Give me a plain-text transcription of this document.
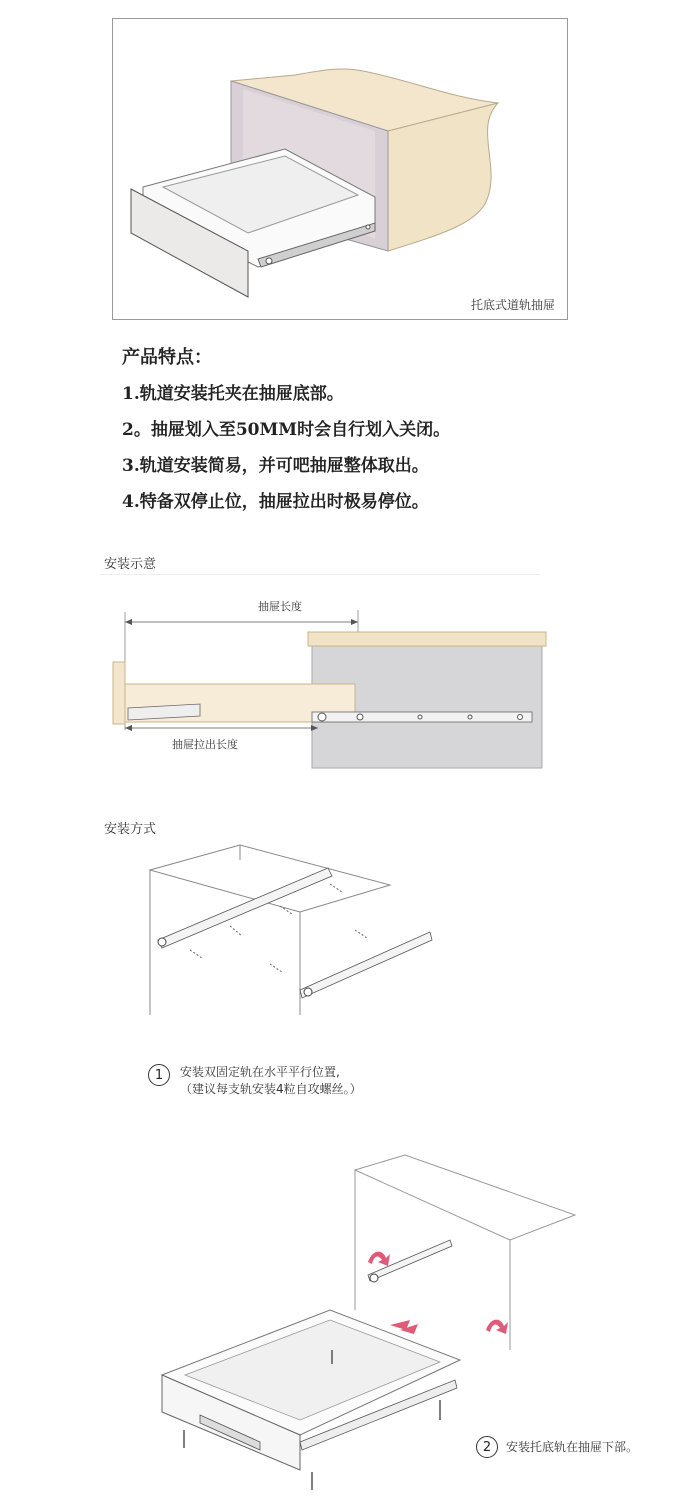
托底式道轨抽屉
产品特点：
1.轨道安装托夹在抽屉底部。
2。抽屉划入至50MM时会自行划入关闭。
3.轨道安装简易，并可吧抽屉整体取出。
4.特备双停止位，抽屉拉出时极易停位。
安装示意
抽屉长度
抽屉拉出长度
安装方式
1	安装双固定轨在水平平行位置,
（建议每支轨安装4粒自攻螺丝。）
2	安装托底轨在抽屉下部。
